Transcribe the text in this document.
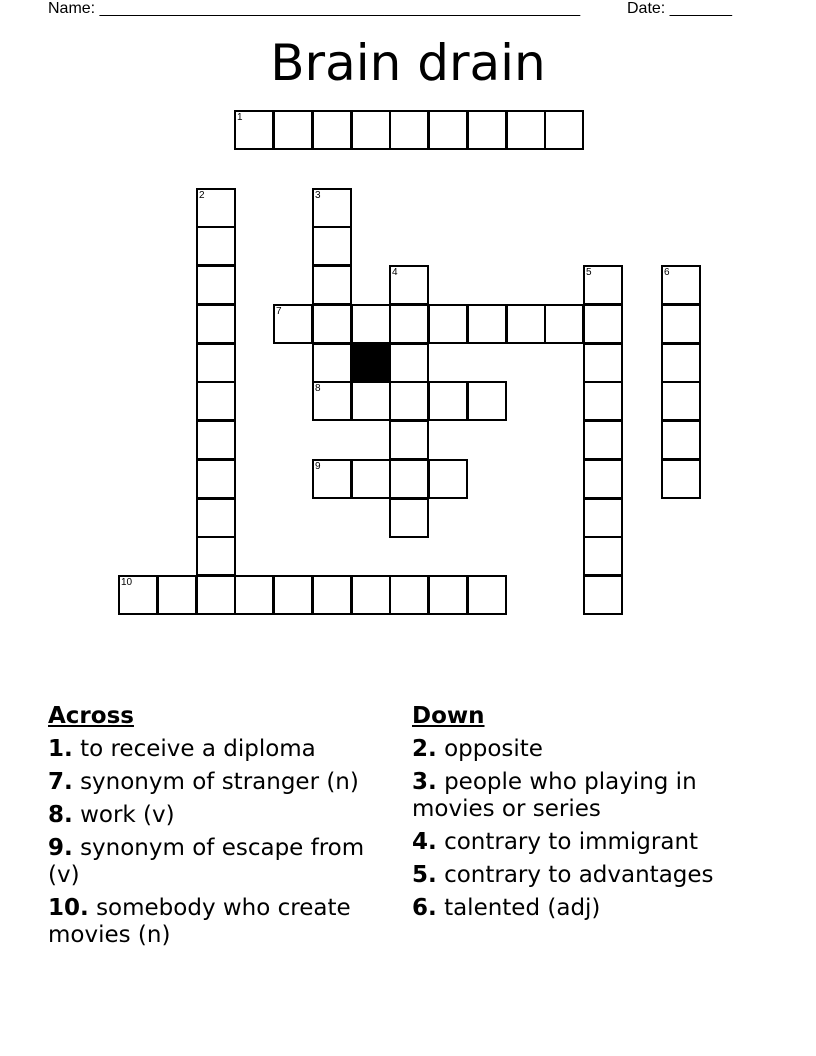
Name: ______________________________________________________	Date: _______
Brain drain
1
7
8
9
10
2	3
4	5	6
Across
1. to receive a diploma
7. synonym of stranger (n)
8. work (v)
9. synonym of escape from (v)
10. somebody who create movies (n)
Down
2. opposite
3. people who playing in movies or series
4. contrary to immigrant
5. contrary to advantages
6. talented (adj)
